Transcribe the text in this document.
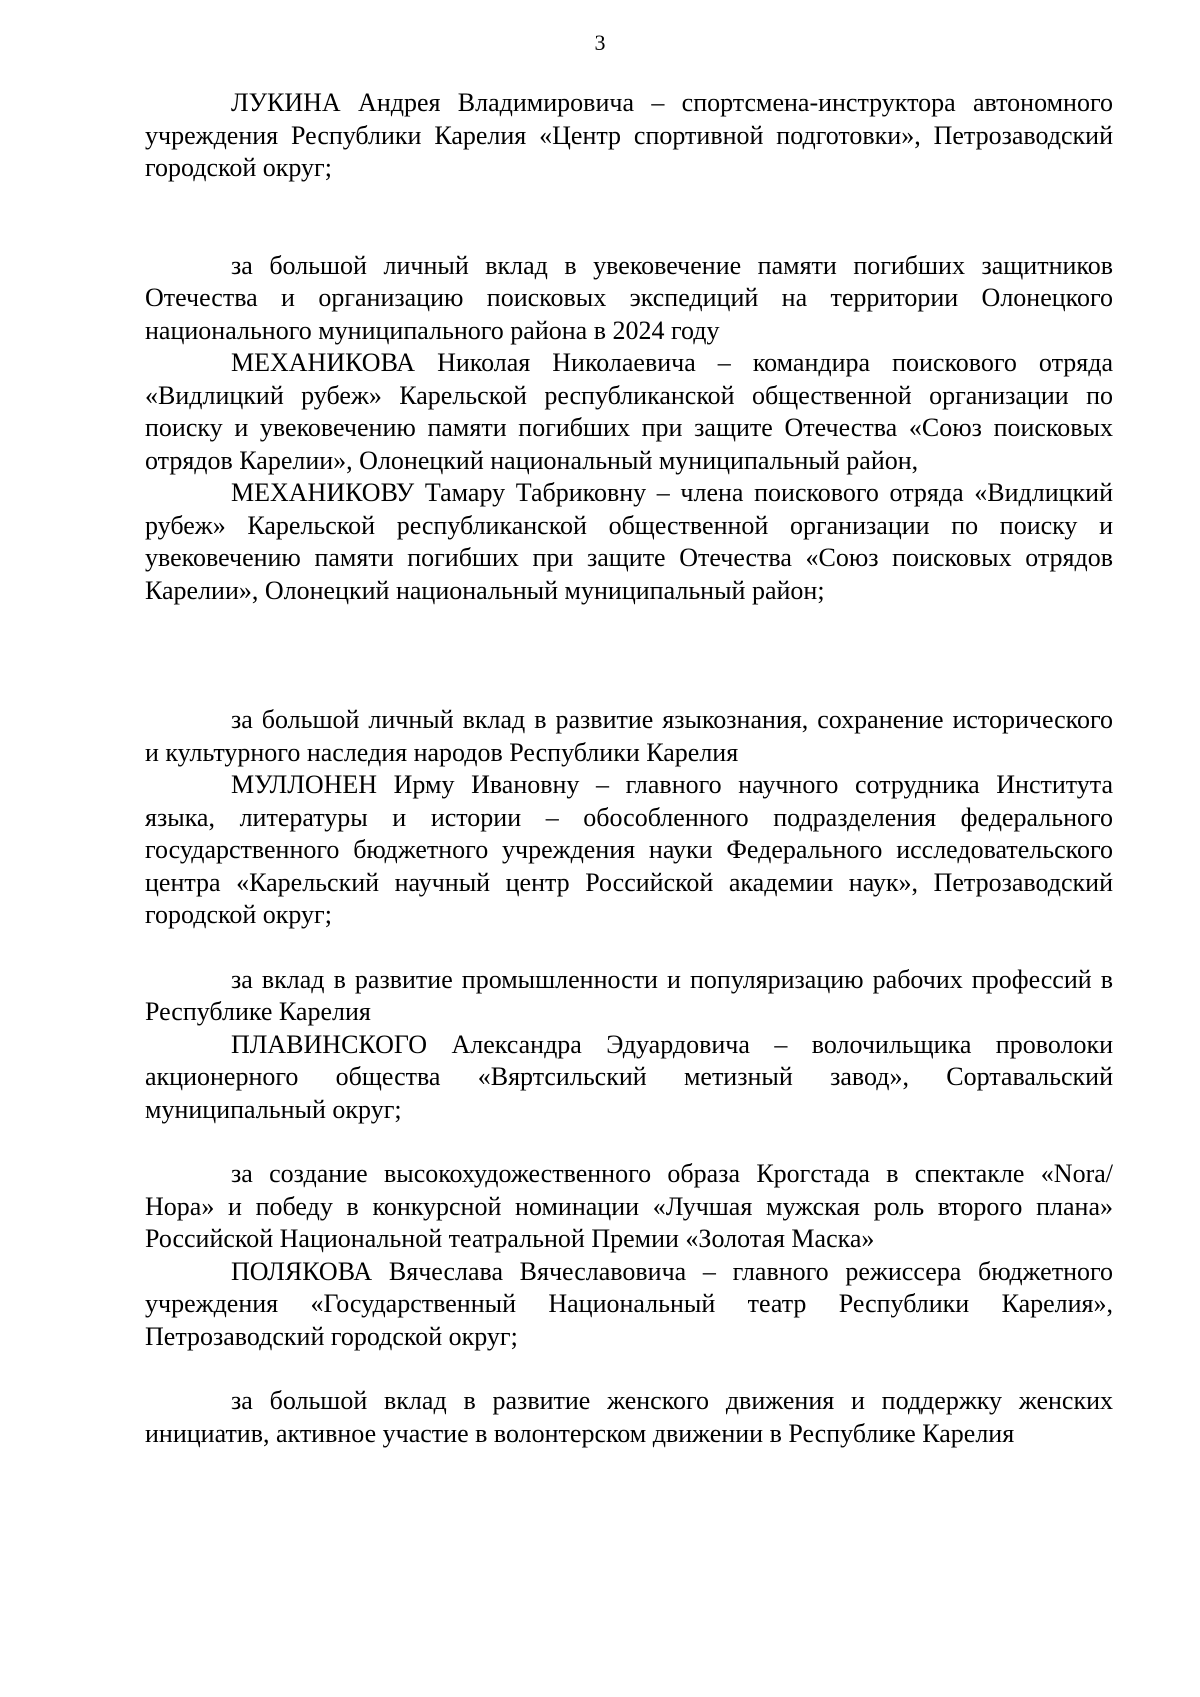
3

ЛУКИНА Андрея Владимировича – спортсмена-инструктора автономного учреждения Республики Карелия «Центр спортивной подготовки», Петрозаводский городской округ;

за большой личный вклад в увековечение памяти погибших защитников Отечества и организацию поисковых экспедиций на территории Олонецкого национального муниципального района в 2024 году

МЕХАНИКОВА Николая Николаевича – командира поискового отряда «Видлицкий рубеж» Карельской республиканской общественной организации по поиску и увековечению памяти погибших при защите Отечества «Союз поисковых отрядов Карелии», Олонецкий национальный муниципальный район,

МЕХАНИКОВУ Тамару Табриковну – члена поискового отряда «Видлицкий рубеж» Карельской республиканской общественной организации по поиску и увековечению памяти погибших при защите Отечества «Союз поисковых отрядов Карелии», Олонецкий национальный муниципальный район;

за большой личный вклад в развитие языкознания, сохранение исторического и культурного наследия народов Республики Карелия

МУЛЛОНЕН Ирму Ивановну – главного научного сотрудника Института языка, литературы и истории – обособленного подразделения федерального государственного бюджетного учреждения науки Федерального исследовательского центра «Карельский научный центр Российской академии наук», Петрозаводский городской округ;

за вклад в развитие промышленности и популяризацию рабочих профессий в Республике Карелия

ПЛАВИНСКОГО Александра Эдуардовича – волочильщика проволоки акционерного общества «Вяртсильский метизный завод», Сортавальский муниципальный округ;

за создание высокохудожественного образа Крогстада в спектакле «Nora/Нора» и победу в конкурсной номинации «Лучшая мужская роль второго плана» Российской Национальной театральной Премии «Золотая Маска»

ПОЛЯКОВА Вячеслава Вячеславовича – главного режиссера бюджетного учреждения «Государственный Национальный театр Республики Карелия», Петрозаводский городской округ;

за большой вклад в развитие женского движения и поддержку женских инициатив, активное участие в волонтерском движении в Республике Карелия
